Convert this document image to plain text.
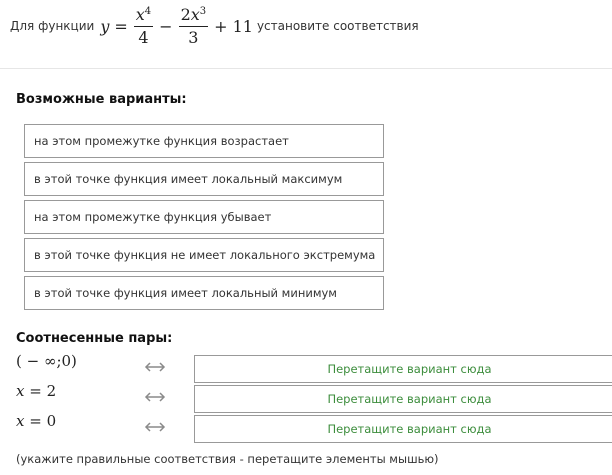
Для функции $y = \frac{x^4}{4} - \frac{2x^3}{3} + 11$ установите соответствия
Возможные варианты:
на этом промежутке функция возрастает
в этой точке функция имеет локальный максимум
на этом промежутке функция убывает
в этой точке функция не имеет локального экстремума
в этой точке функция имеет локальный минимум
Соотнесенные пары:
( − ∞;0)	Перетащите вариант сюда
x = 2	Перетащите вариант сюда
x = 0	Перетащите вариант сюда
(укажите правильные соответствия - перетащите элементы мышью)
